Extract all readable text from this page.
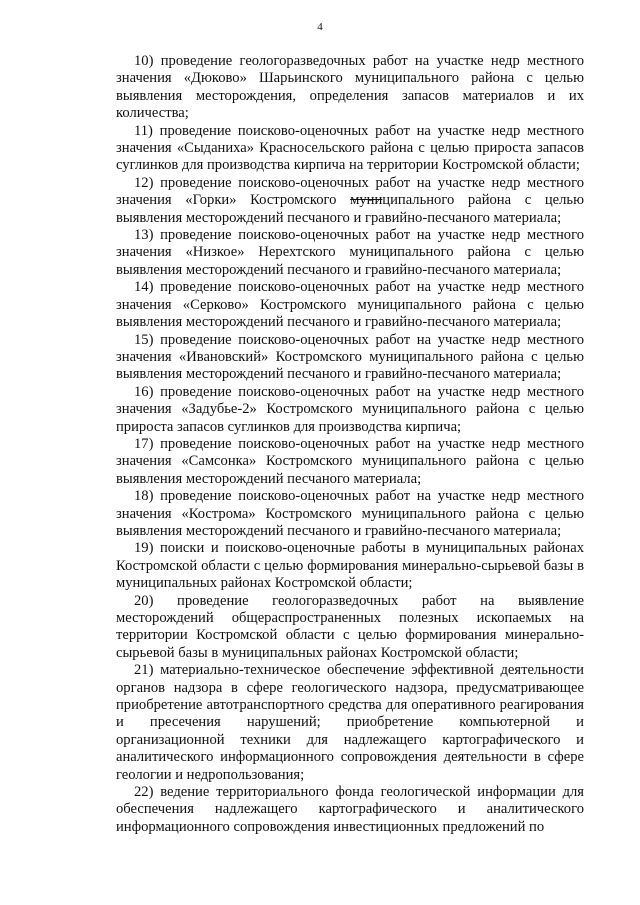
4

10) проведение геологоразведочных работ на участке недр местного значения «Дюково» Шарьинского муниципального района с целью выявления месторождения, определения запасов материалов и их количества;

11) проведение поисково-оценочных работ на участке недр местного значения «Сыданиха» Красносельского района с целью прироста запасов суглинков для производства кирпича на территории Костромской области;

12) проведение поисково-оценочных работ на участке недр местного значения «Горки» Костромского муниципального района с целью выявления месторождений песчаного и гравийно-песчаного материала;

13) проведение поисково-оценочных работ на участке недр местного значения «Низкое» Нерехтского муниципального района с целью выявления месторождений песчаного и гравийно-песчаного материала;

14) проведение поисково-оценочных работ на участке недр местного значения «Серково» Костромского муниципального района с целью выявления месторождений песчаного и гравийно-песчаного материала;

15) проведение поисково-оценочных работ на участке недр местного значения «Ивановский» Костромского муниципального района с целью выявления месторождений песчаного и гравийно-песчаного материала;

16) проведение поисково-оценочных работ на участке недр местного значения «Задубье-2» Костромского муниципального района с целью прироста запасов суглинков для производства кирпича;

17) проведение поисково-оценочных работ на участке недр местного значения «Самсонка» Костромского муниципального района с целью выявления месторождений песчаного материала;

18) проведение поисково-оценочных работ на участке недр местного значения «Кострома» Костромского муниципального района с целью выявления месторождений песчаного и гравийно-песчаного материала;

19) поиски и поисково-оценочные работы в муниципальных районах Костромской области с целью формирования минерально-сырьевой базы в муниципальных районах Костромской области;

20) проведение геологоразведочных работ на выявление месторождений общераспространенных полезных ископаемых на территории Костромской области с целью формирования минерально-сырьевой базы в муниципальных районах Костромской области;

21) материально-техническое обеспечение эффективной деятельности органов надзора в сфере геологического надзора, предусматривающее приобретение автотранспортного средства для оперативного реагирования и пресечения нарушений; приобретение компьютерной и организационной техники для надлежащего картографического и аналитического информационного сопровождения деятельности в сфере геологии и недропользования;

22) ведение территориального фонда геологической информации для обеспечения надлежащего картографического и аналитического информационного сопровождения инвестиционных предложений по
